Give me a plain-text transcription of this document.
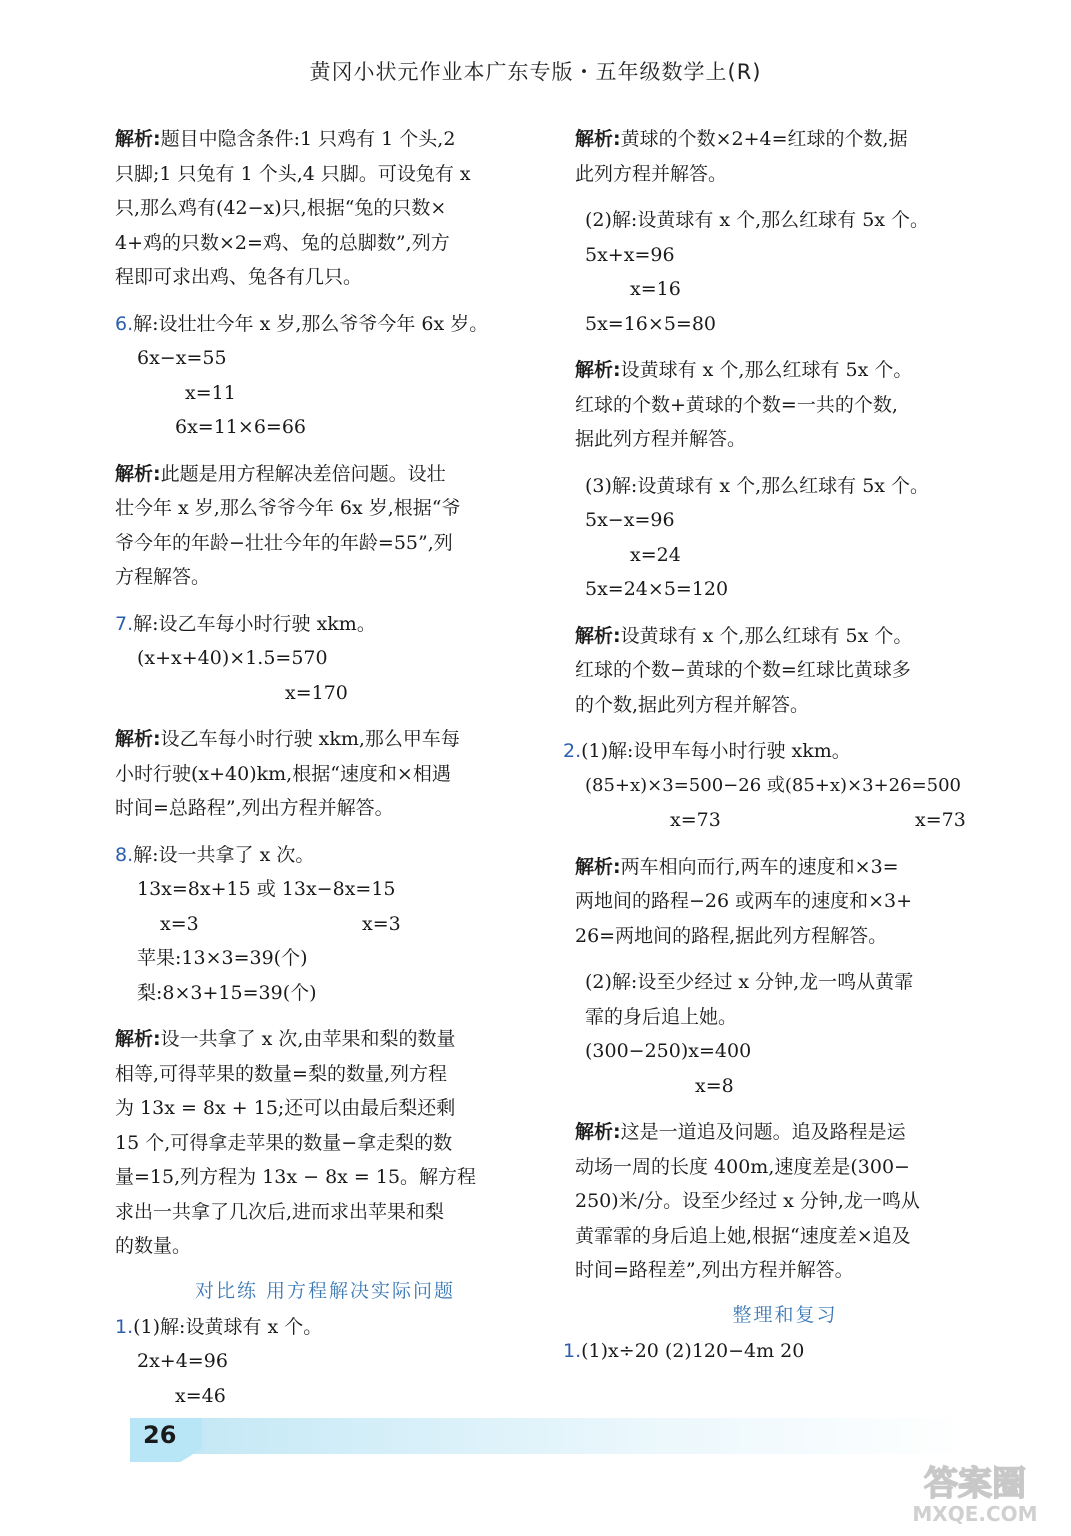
黄冈小状元作业本广东专版・五年级数学上(R)
解析:题目中隐含条件:1 只鸡有 1 个头,2
只脚;1 只兔有 1 个头,4 只脚。可设兔有 x
只,那么鸡有(42−x)只,根据“兔的只数×
4+鸡的只数×2=鸡、兔的总脚数”,列方
程即可求出鸡、兔各有几只。
6.解:设壮壮今年 x 岁,那么爷爷今年 6x 岁。
6x−x=55
x=11
6x=11×6=66
解析:此题是用方程解决差倍问题。设壮
壮今年 x 岁,那么爷爷今年 6x 岁,根据“爷
爷今年的年龄−壮壮今年的年龄=55”,列
方程解答。
7.解:设乙车每小时行驶 xkm。
(x+x+40)×1.5=570
x=170
解析:设乙车每小时行驶 xkm,那么甲车每
小时行驶(x+40)km,根据“速度和×相遇
时间=总路程”,列出方程并解答。
8.解:设一共拿了 x 次。
13x=8x+15 或 13x−8x=15
x=3	x=3
苹果:13×3=39(个)
梨:8×3+15=39(个)
解析:设一共拿了 x 次,由苹果和梨的数量
相等,可得苹果的数量=梨的数量,列方程
为 13x = 8x + 15;还可以由最后梨还剩
15 个,可得拿走苹果的数量−拿走梨的数
量=15,列方程为 13x − 8x = 15。解方程
求出一共拿了几次后,进而求出苹果和梨
的数量。
对比练 用方程解决实际问题
1.(1)解:设黄球有 x 个。
2x+4=96
x=46
解析:黄球的个数×2+4=红球的个数,据
此列方程并解答。
(2)解:设黄球有 x 个,那么红球有 5x 个。
5x+x=96
x=16
5x=16×5=80
解析:设黄球有 x 个,那么红球有 5x 个。
红球的个数+黄球的个数=一共的个数,
据此列方程并解答。
(3)解:设黄球有 x 个,那么红球有 5x 个。
5x−x=96
x=24
5x=24×5=120
解析:设黄球有 x 个,那么红球有 5x 个。
红球的个数−黄球的个数=红球比黄球多
的个数,据此列方程并解答。
2.(1)解:设甲车每小时行驶 xkm。
(85+x)×3=500−26 或(85+x)×3+26=500
x=73	x=73
解析:两车相向而行,两车的速度和×3=
两地间的路程−26 或两车的速度和×3+
26=两地间的路程,据此列方程解答。
(2)解:设至少经过 x 分钟,龙一鸣从黄霏
霏的身后追上她。
(300−250)x=400
x=8
解析:这是一道追及问题。追及路程是运
动场一周的长度 400m,速度差是(300−
250)米/分。设至少经过 x 分钟,龙一鸣从
黄霏霏的身后追上她,根据“速度差×追及
时间=路程差”,列出方程并解答。
整理和复习
1.(1)x÷20 (2)120−4m 20
26
答案圈
MXQE.COM
